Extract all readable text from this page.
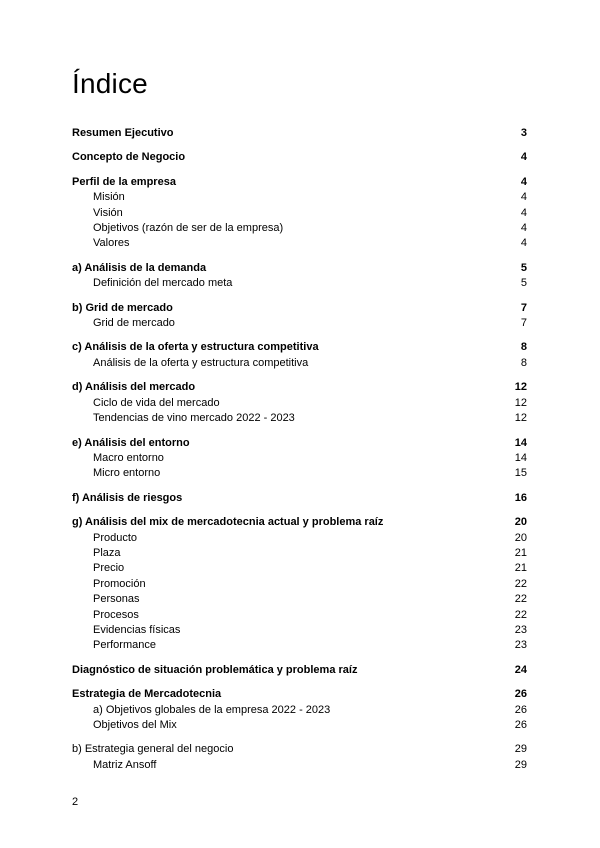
Índice
Resumen Ejecutivo	3
Concepto de Negocio	4
Perfil de la empresa	4
Misión	4
Visión	4
Objetivos (razón de ser de la empresa)	4
Valores	4
a) Análisis de la demanda	5
Definición del mercado meta	5
b) Grid de mercado	7
Grid de mercado	7
c) Análisis de la oferta y estructura competitiva	8
Análisis de la oferta y estructura competitiva	8
d) Análisis del mercado	12
Ciclo de vida del mercado	12
Tendencias de vino mercado 2022 - 2023	12
e) Análisis del entorno	14
Macro entorno	14
Micro entorno	15
f) Análisis de riesgos	16
g) Análisis del mix de mercadotecnia actual y problema raíz	20
Producto	20
Plaza	21
Precio	21
Promoción	22
Personas	22
Procesos	22
Evidencias físicas	23
Performance	23
Diagnóstico de situación problemática y problema raíz	24
Estrategia de Mercadotecnia	26
a) Objetivos globales de la empresa 2022 - 2023	26
Objetivos del Mix	26
b) Estrategia general del negocio	29
Matriz Ansoff	29
2
